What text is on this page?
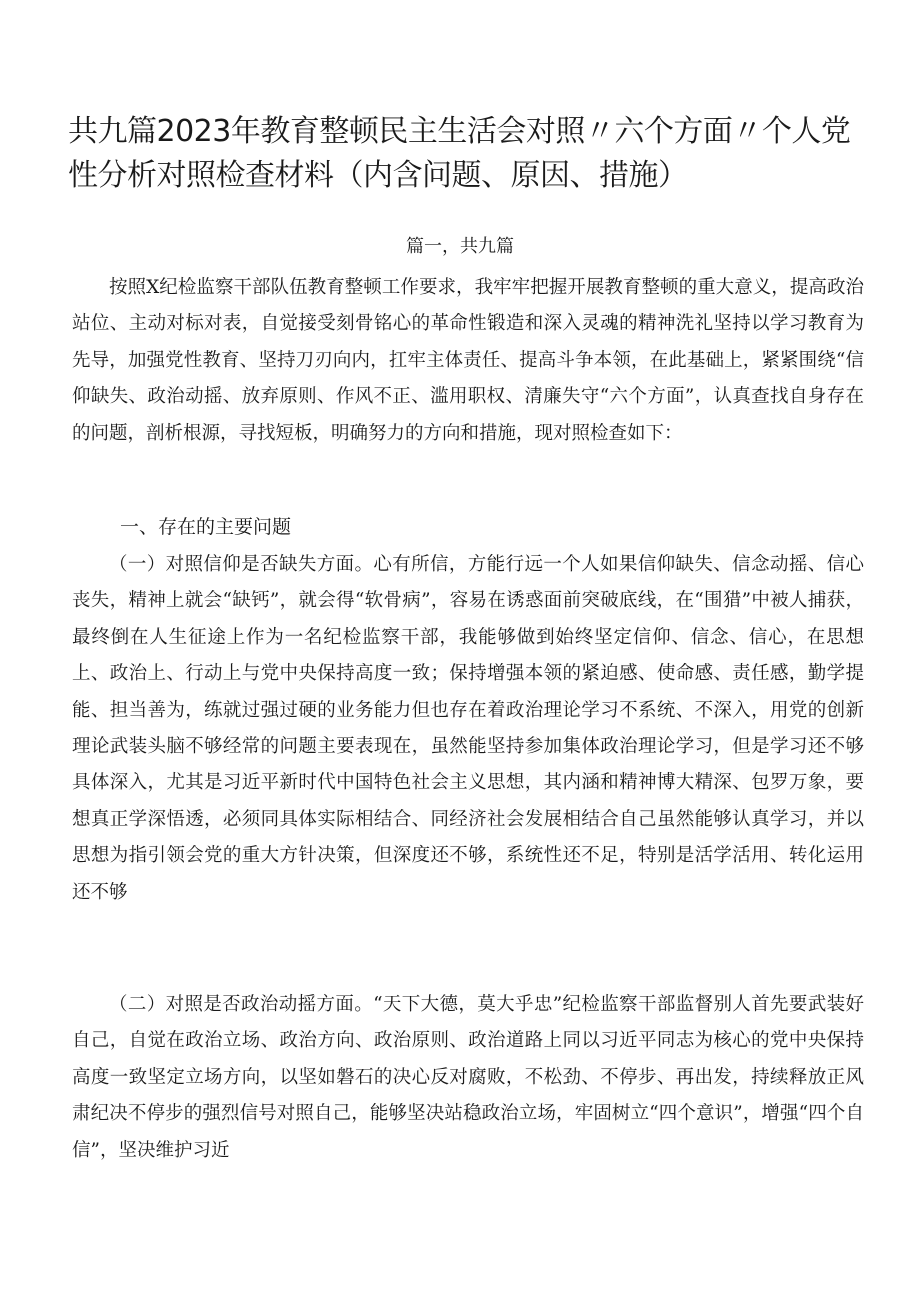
共九篇2023年教育整顿民主生活会对照〃六个方面〃个人党性分析对照检查材料（内含问题、原因、措施）
篇一，共九篇

按照X纪检监察干部队伍教育整顿工作要求，我牢牢把握开展教育整顿的重大意义，提高政治站位、主动对标对表，自觉接受刻骨铭心的革命性锻造和深入灵魂的精神洗礼坚持以学习教育为先导，加强党性教育、坚持刀刃向内，扛牢主体责任、提高斗争本领，在此基础上，紧紧围绕“信仰缺失、政治动摇、放弃原则、作风不正、滥用职权、清廉失守“六个方面”，认真查找自身存在的问题，剖析根源，寻找短板，明确努力的方向和措施，现对照检查如下：

一、存在的主要问题

（一）对照信仰是否缺失方面。心有所信，方能行远一个人如果信仰缺失、信念动摇、信心丧失，精神上就会“缺钙”，就会得“软骨病”，容易在诱惑面前突破底线，在“围猎”中被人捕获，最终倒在人生征途上作为一名纪检监察干部，我能够做到始终坚定信仰、信念、信心，在思想上、政治上、行动上与党中央保持高度一致；保持增强本领的紧迫感、使命感、责任感，勤学提能、担当善为，练就过强过硬的业务能力但也存在着政治理论学习不系统、不深入，用党的创新理论武装头脑不够经常的问题主要表现在，虽然能坚持参加集体政治理论学习，但是学习还不够具体深入，尤其是习近平新时代中国特色社会主义思想，其内涵和精神博大精深、包罗万象，要想真正学深悟透，必须同具体实际相结合、同经济社会发展相结合自己虽然能够认真学习，并以思想为指引领会党的重大方针决策，但深度还不够，系统性还不足，特别是活学活用、转化运用还不够

（二）对照是否政治动摇方面。“天下大德，莫大乎忠”纪检监察干部监督别人首先要武装好自己，自觉在政治立场、政治方向、政治原则、政治道路上同以习近平同志为核心的党中央保持高度一致坚定立场方向，以坚如磐石的决心反对腐败，不松劲、不停步、再出发，持续释放正风肃纪决不停步的强烈信号对照自己，能够坚决站稳政治立场，牢固树立“四个意识”，增强“四个自信”，坚决维护习近
